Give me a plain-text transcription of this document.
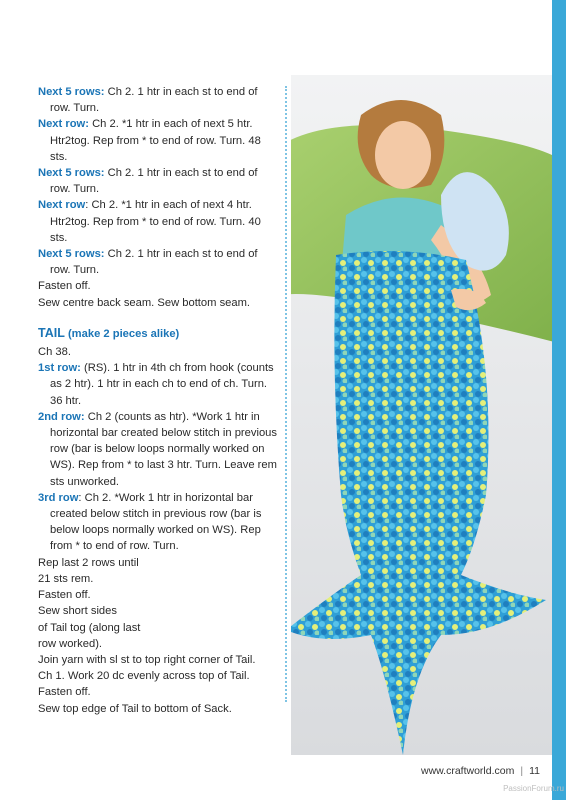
Next 5 rows: Ch 2. 1 htr in each st to end of row. Turn.

Next row: Ch 2. *1 htr in each of next 5 htr. Htr2tog. Rep from * to end of row. Turn. 48 sts.

Next 5 rows: Ch 2. 1 htr in each st to end of row. Turn.

Next row: Ch 2. *1 htr in each of next 4 htr. Htr2tog. Rep from * to end of row. Turn. 40 sts.

Next 5 rows: Ch 2. 1 htr in each st to end of row. Turn.

Fasten off.

Sew centre back seam. Sew bottom seam.

TAIL (make 2 pieces alike)

Ch 38.

1st row: (RS). 1 htr in 4th ch from hook (counts as 2 htr). 1 htr in each ch to end of ch. Turn. 36 htr.

2nd row: Ch 2 (counts as htr). *Work 1 htr in horizontal bar created below stitch in previous row (bar is below loops normally worked on WS). Rep from * to last 3 htr. Turn. Leave rem sts unworked.

3rd row: Ch 2. *Work 1 htr in horizontal bar created below stitch in previous row (bar is below loops normally worked on WS). Rep from * to end of row. Turn.

Rep last 2 rows until

21 sts rem.

Fasten off.

Sew short sides

of Tail tog (along last

row worked).

Join yarn with sl st to top right corner of Tail.

Ch 1. Work 20 dc evenly across top of Tail.

Fasten off.

Sew top edge of Tail to bottom of Sack.

www.craftworld.com | 11
PassionForum.ru
